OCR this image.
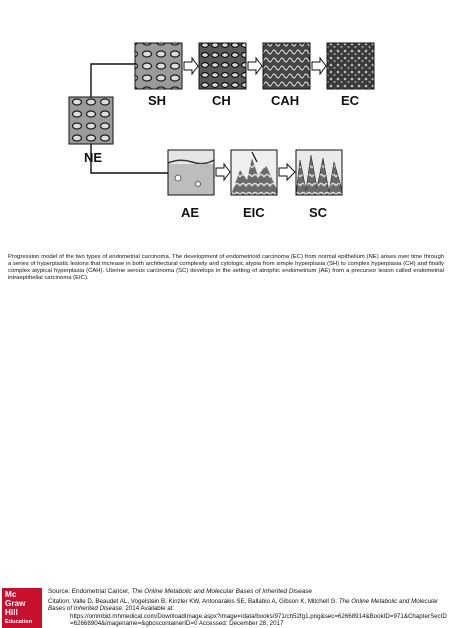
NE
SH	CH	CAH	EC
AE	EIC	SC
Progression model of the two types of endometrial carcinoma. The development of endometrioid carcinoma (EC) from normal epithelium (NE) arises over time through a series of hyperplastic lesions that increase in both architectural complexity and cytologic atypia from simple hyperplasia (SH) to complex hyperplasia (CH) and finally complex atypical hyperplasia (CAH). Uterine serous carcinoma (SC) develops in the setting of atrophic endometrium (AE) from a precursor lesion called endometrial intraepithelial carcinoma (EIC).
Mc
Graw
Hill
Education
Source: Endometrial Cancer, The Online Metabolic and Molecular Bases of Inherited Disease
Citation: Valle D, Beaudet AL, Vogelstein B, Kinzler KW, Antonarakis SE, Ballabio A, Gibson K, Mitchell G. The Online Metabolic and Molecular Bases of Inherited Disease; 2014 Available at:
https://ommbid.mhmedical.com/DownloadImage.aspx?image=/data/books/971/ch52fg1.png&sec=62668914&BookID=971&ChapterSecID=62668904&imagename=&gboscontainerID=0 Accessed: December 28, 2017
